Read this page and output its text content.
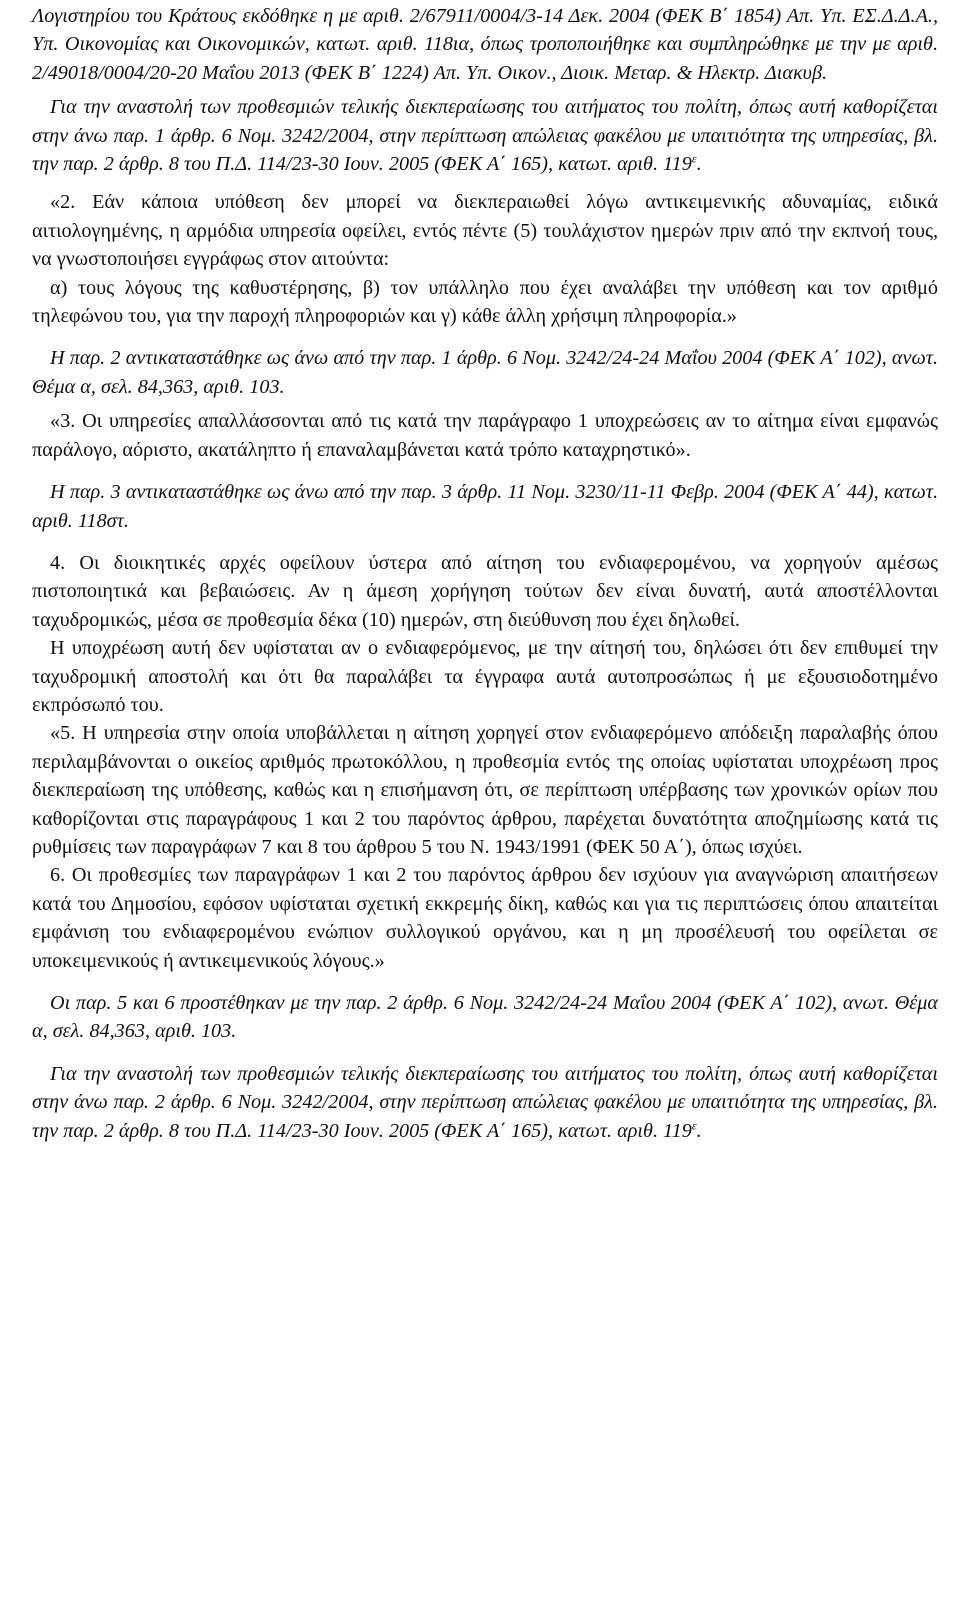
Λογιστηρίου του Κράτους εκδόθηκε η με αριθ. 2/67911/0004/3-14 Δεκ. 2004 (ΦΕΚ Β΄ 1854) Απ. Υπ. ΕΣ.Δ.Δ.Α., Υπ. Οικονομίας και Οικονομικών, κατωτ. αριθ. 118ια, όπως τροποποιήθηκε και συμπληρώθηκε με την με αριθ. 2/49018/0004/20-20 Μαΐου 2013 (ΦΕΚ Β΄ 1224) Απ. Υπ. Οικον., Διοικ. Μεταρ. & Ηλεκτρ. Διακυβ.

Για την αναστολή των προθεσμιών τελικής διεκπεραίωσης του αιτήματος του πολίτη, όπως αυτή καθορίζεται στην άνω παρ. 1 άρθρ. 6 Νομ. 3242/2004, στην περίπτωση απώλειας φακέλου με υπαιτιότητα της υπηρεσίας, βλ. την παρ. 2 άρθρ. 8 του Π.Δ. 114/23-30 Ιουν. 2005 (ΦΕΚ Α΄ 165), κατωτ. αριθ. $119^\varepsilon$.

«2. Εάν κάποια υπόθεση δεν μπορεί να διεκπεραιωθεί λόγω αντικειμενικής αδυναμίας, ειδικά αιτιολογημένης, η αρμόδια υπηρεσία οφείλει, εντός πέντε (5) τουλάχιστον ημερών πριν από την εκπνοή τους, να γνωστοποιήσει εγγράφως στον αιτούντα:

α) τους λόγους της καθυστέρησης, β) τον υπάλληλο που έχει αναλάβει την υπόθεση και τον αριθμό τηλεφώνου του, για την παροχή πληροφοριών και γ) κάθε άλλη χρήσιμη πληροφορία.»

Η παρ. 2 αντικαταστάθηκε ως άνω από την παρ. 1 άρθρ. 6 Νομ. 3242/24-24 Μαΐου 2004 (ΦΕΚ Α΄ 102), ανωτ. Θέμα α, σελ. 84,363, αριθ. 103.

«3. Οι υπηρεσίες απαλλάσσονται από τις κατά την παράγραφο 1 υποχρεώσεις αν το αίτημα είναι εμφανώς παράλογο, αόριστο, ακατάληπτο ή επαναλαμβάνεται κατά τρόπο καταχρηστικό».

Η παρ. 3 αντικαταστάθηκε ως άνω από την παρ. 3 άρθρ. 11 Νομ. 3230/11-11 Φεβρ. 2004 (ΦΕΚ Α΄ 44), κατωτ. αριθ. 118στ.

4. Οι διοικητικές αρχές οφείλουν ύστερα από αίτηση του ενδιαφερομένου, να χορηγούν αμέσως πιστοποιητικά και βεβαιώσεις. Αν η άμεση χορήγηση τούτων δεν είναι δυνατή, αυτά αποστέλλονται ταχυδρομικώς, μέσα σε προθεσμία δέκα (10) ημερών, στη διεύθυνση που έχει δηλωθεί.

Η υποχρέωση αυτή δεν υφίσταται αν ο ενδιαφερόμενος, με την αίτησή του, δηλώσει ότι δεν επιθυμεί την ταχυδρομική αποστολή και ότι θα παραλάβει τα έγγραφα αυτά αυτοπροσώπως ή με εξουσιοδοτημένο εκπρόσωπό του.

«5. Η υπηρεσία στην οποία υποβάλλεται η αίτηση χορηγεί στον ενδιαφερόμενο απόδειξη παραλαβής όπου περιλαμβάνονται ο οικείος αριθμός πρωτοκόλλου, η προθεσμία εντός της οποίας υφίσταται υποχρέωση προς διεκπεραίωση της υπόθεσης, καθώς και η επισήμανση ότι, σε περίπτωση υπέρβασης των χρονικών ορίων που καθορίζονται στις παραγράφους 1 και 2 του παρόντος άρθρου, παρέχεται δυνατότητα αποζημίωσης κατά τις ρυθμίσεις των παραγράφων 7 και 8 του άρθρου 5 του Ν. 1943/1991 (ΦΕΚ 50 Α΄), όπως ισχύει.

6. Οι προθεσμίες των παραγράφων 1 και 2 του παρόντος άρθρου δεν ισχύουν για αναγνώριση απαιτήσεων κατά του Δημοσίου, εφόσον υφίσταται σχετική εκκρεμής δίκη, καθώς και για τις περιπτώσεις όπου απαιτείται εμφάνιση του ενδιαφερομένου ενώπιον συλλογικού οργάνου, και η μη προσέλευσή του οφείλεται σε υποκειμενικούς ή αντικειμενικούς λόγους.»

Οι παρ. 5 και 6 προστέθηκαν με την παρ. 2 άρθρ. 6 Νομ. 3242/24-24 Μαΐου 2004 (ΦΕΚ Α΄ 102), ανωτ. Θέμα α, σελ. 84,363, αριθ. 103.

Για την αναστολή των προθεσμιών τελικής διεκπεραίωσης του αιτήματος του πολίτη, όπως αυτή καθορίζεται στην άνω παρ. 2 άρθρ. 6 Νομ. 3242/2004, στην περίπτωση απώλειας φακέλου με υπαιτιότητα της υπηρεσίας, βλ. την παρ. 2 άρθρ. 8 του Π.Δ. 114/23-30 Ιουν. 2005 (ΦΕΚ Α΄ 165), κατωτ. αριθ. $119^\varepsilon$.
